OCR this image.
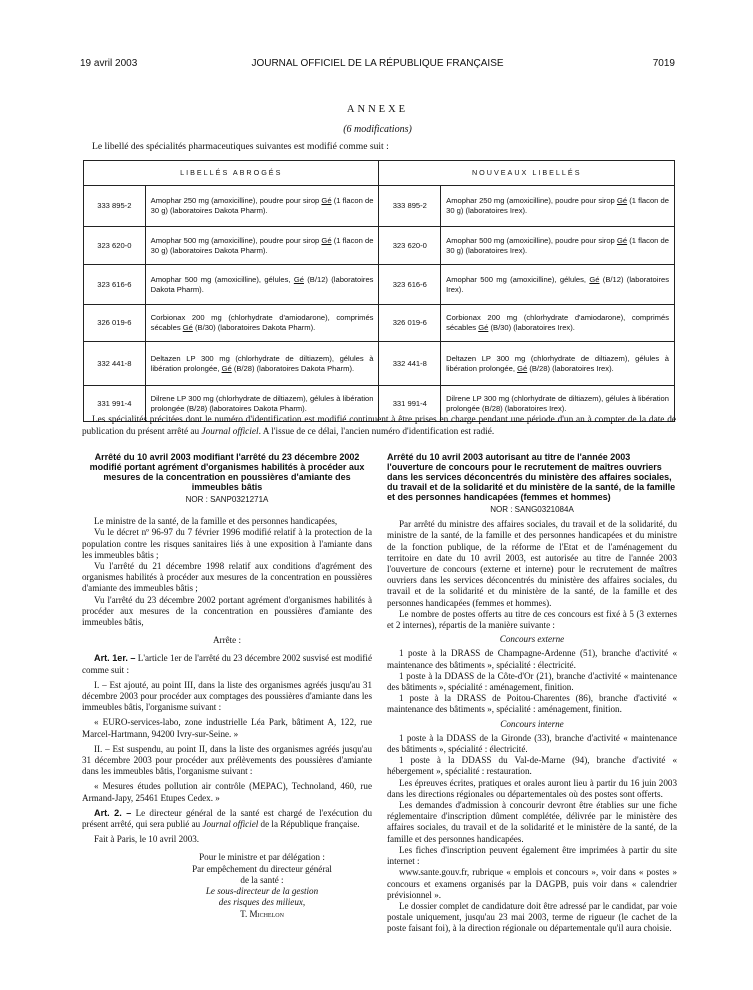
19 avril 2003	JOURNAL OFFICIEL DE LA RÉPUBLIQUE FRANÇAISE	7019
ANNEXE
(6 modifications)
Le libellé des spécialités pharmaceutiques suivantes est modifié comme suit :
LIBELLÉS ABROGÉS		NOUVEAUX LIBELLÉS	
333 895-2	Amophar 250 mg (amoxicilline), poudre pour sirop Gé (1 flacon de 30 g) (laboratoires Dakota Pharm).	333 895-2	Amophar 250 mg (amoxicilline), poudre pour sirop Gé (1 flacon de 30 g) (laboratoires Irex).
323 620-0	Amophar 500 mg (amoxicilline), poudre pour sirop Gé (1 flacon de 30 g) (laboratoires Dakota Pharm).	323 620-0	Amophar 500 mg (amoxicilline), poudre pour sirop Gé (1 flacon de 30 g) (laboratoires Irex).
323 616-6	Amophar 500 mg (amoxicilline), gélules, Gé (B/12) (laboratoires Dakota Pharm).	323 616-6	Amophar 500 mg (amoxicilline), gélules, Gé (B/12) (laboratoires Irex).
326 019-6	Corbionax 200 mg (chlorhydrate d'amiodarone), comprimés sécables Gé (B/30) (laboratoires Dakota Pharm).	326 019-6	Corbionax 200 mg (chlorhydrate d'amiodarone), comprimés sécables Gé (B/30) (laboratoires Irex).
332 441-8	Deltazen LP 300 mg (chlorhydrate de diltiazem), gélules à libération prolongée, Gé (B/28) (laboratoires Dakota Pharm).	332 441-8	Deltazen LP 300 mg (chlorhydrate de diltiazem), gélules à libération prolongée, Gé (B/28) (laboratoires Irex).
331 991-4	Dilrene LP 300 mg (chlorhydrate de diltiazem), gélules à libération prolongée (B/28) (laboratoires Dakota Pharm).	331 991-4	Dilrene LP 300 mg (chlorhydrate de diltiazem), gélules à libération prolongée (B/28) (laboratoires Irex).
Les spécialités précitées dont le numéro d'identification est modifié continuent à être prises en charge pendant une période d'un an à compter de la date de publication du présent arrêté au Journal officiel. A l'issue de ce délai, l'ancien numéro d'identification est radié.
Arrêté du 10 avril 2003 modifiant l'arrêté du 23 décembre 2002 modifié portant agrément d'organismes habilités à procéder aux mesures de la concentration en poussières d'amiante des immeubles bâtis
NOR : SANP0321271A

Le ministre de la santé, de la famille et des personnes handicapées,

Vu le décret nº 96-97 du 7 février 1996 modifié relatif à la protection de la population contre les risques sanitaires liés à une exposition à l'amiante dans les immeubles bâtis ;

Vu l'arrêté du 21 décembre 1998 relatif aux conditions d'agrément des organismes habilités à procéder aux mesures de la concentration en poussières d'amiante des immeubles bâtis ;

Vu l'arrêté du 23 décembre 2002 portant agrément d'organismes habilités à procéder aux mesures de la concentration en poussières d'amiante des immeubles bâtis,

Arrête :

Art. 1er. – L'article 1er de l'arrêté du 23 décembre 2002 susvisé est modifié comme suit :

I. – Est ajouté, au point III, dans la liste des organismes agréés jusqu'au 31 décembre 2003 pour procéder aux comptages des poussières d'amiante dans les immeubles bâtis, l'organisme suivant :

« EURO-services-labo, zone industrielle Léa Park, bâtiment A, 122, rue Marcel-Hartmann, 94200 Ivry-sur-Seine. »

II. – Est suspendu, au point II, dans la liste des organismes agréés jusqu'au 31 décembre 2003 pour procéder aux prélèvements des poussières d'amiante dans les immeubles bâtis, l'organisme suivant :

« Mesures études pollution air contrôle (MEPAC), Technoland, 460, rue Armand-Japy, 25461 Etupes Cedex. »

Art. 2. – Le directeur général de la santé est chargé de l'exécution du présent arrêté, qui sera publié au Journal officiel de la République française.

Fait à Paris, le 10 avril 2003.

Pour le ministre et par délégation :

Par empêchement du directeur général

de la santé :

Le sous-directeur de la gestion

des risques des milieux,

T. Michelon

Arrêté du 10 avril 2003 autorisant au titre de l'année 2003 l'ouverture de concours pour le recrutement de maîtres ouvriers dans les services déconcentrés du ministère des affaires sociales, du travail et de la solidarité et du ministère de la santé, de la famille et des personnes handicapées (femmes et hommes)
NOR : SANG0321084A

Par arrêté du ministre des affaires sociales, du travail et de la solidarité, du ministre de la santé, de la famille et des personnes handicapées et du ministre de la fonction publique, de la réforme de l'Etat et de l'aménagement du territoire en date du 10 avril 2003, est autorisée au titre de l'année 2003 l'ouverture de concours (externe et interne) pour le recrutement de maîtres ouvriers dans les services déconcentrés du ministère des affaires sociales, du travail et de la solidarité et du ministère de la santé, de la famille et des personnes handicapées (femmes et hommes).

Le nombre de postes offerts au titre de ces concours est fixé à 5 (3 externes et 2 internes), répartis de la manière suivante :

Concours externe

1 poste à la DRASS de Champagne-Ardenne (51), branche d'activité « maintenance des bâtiments », spécialité : électricité.

1 poste à la DDASS de la Côte-d'Or (21), branche d'activité « maintenance des bâtiments », spécialité : aménagement, finition.

1 poste à la DRASS de Poitou-Charentes (86), branche d'activité « maintenance des bâtiments », spécialité : aménagement, finition.

Concours interne

1 poste à la DDASS de la Gironde (33), branche d'activité « maintenance des bâtiments », spécialité : électricité.

1 poste à la DDASS du Val-de-Marne (94), branche d'activité « hébergement », spécialité : restauration.

Les épreuves écrites, pratiques et orales auront lieu à partir du 16 juin 2003 dans les directions régionales ou départementales où des postes sont offerts.

Les demandes d'admission à concourir devront être établies sur une fiche réglementaire d'inscription dûment complétée, délivrée par le ministère des affaires sociales, du travail et de la solidarité et le ministère de la santé, de la famille et des personnes handicapées.

Les fiches d'inscription peuvent également être imprimées à partir du site internet :

www.sante.gouv.fr, rubrique « emplois et concours », voir dans « postes » concours et examens organisés par la DAGPB, puis voir dans « calendrier prévisionnel ».

Le dossier complet de candidature doit être adressé par le candidat, par voie postale uniquement, jusqu'au 23 mai 2003, terme de rigueur (le cachet de la poste faisant foi), à la direction régionale ou départementale qu'il aura choisie.
